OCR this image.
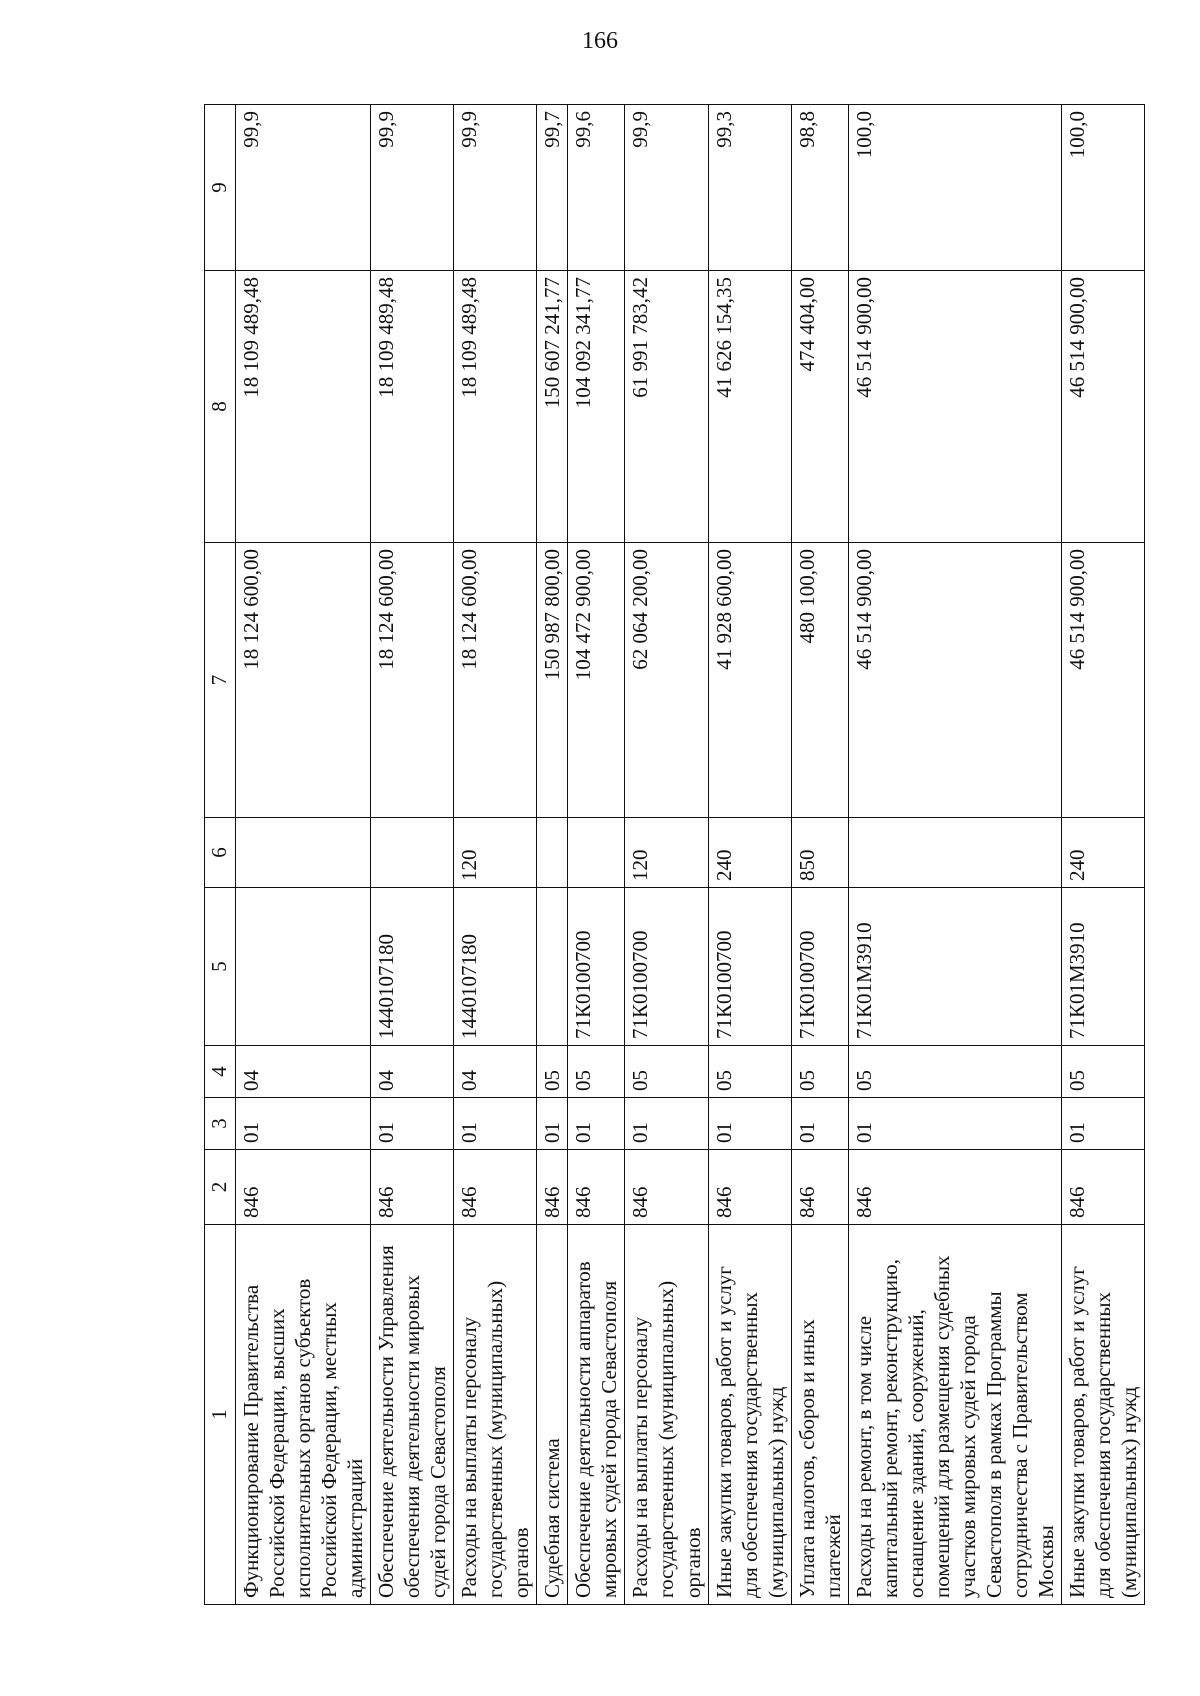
166
1	2	3	4	5	6	7	8	9
Функционирование Правительства Российской Федерации, высших исполнительных органов субъектов Российской Федерации, местных администраций	846	01	04			18 124 600,00	18 109 489,48	99,9
Обеспечение деятельности Управления обеспечения деятельности мировых судей города Севастополя	846	01	04	1440107180		18 124 600,00	18 109 489,48	99,9
Расходы на выплаты персоналу государственных (муниципальных) органов	846	01	04	1440107180	120	18 124 600,00	18 109 489,48	99,9
Судебная система	846	01	05			150 987 800,00	150 607 241,77	99,7
Обеспечение деятельности аппаратов мировых судей города Севастополя	846	01	05	71К0100700		104 472 900,00	104 092 341,77	99,6
Расходы на выплаты персоналу государственных (муниципальных) органов	846	01	05	71К0100700	120	62 064 200,00	61 991 783,42	99,9
Иные закупки товаров, работ и услуг для обеспечения государственных (муниципальных) нужд	846	01	05	71К0100700	240	41 928 600,00	41 626 154,35	99,3
Уплата налогов, сборов и иных платежей	846	01	05	71К0100700	850	480 100,00	474 404,00	98,8
Расходы на ремонт, в том числе капитальный ремонт, реконструкцию, оснащение зданий, сооружений, помещений для размещения судебных участков мировых судей города Севастополя в рамках Программы сотрудничества с Правительством Москвы	846	01	05	71К01М3910		46 514 900,00	46 514 900,00	100,0
Иные закупки товаров, работ и услуг для обеспечения государственных (муниципальных) нужд	846	01	05	71К01М3910	240	46 514 900,00	46 514 900,00	100,0
